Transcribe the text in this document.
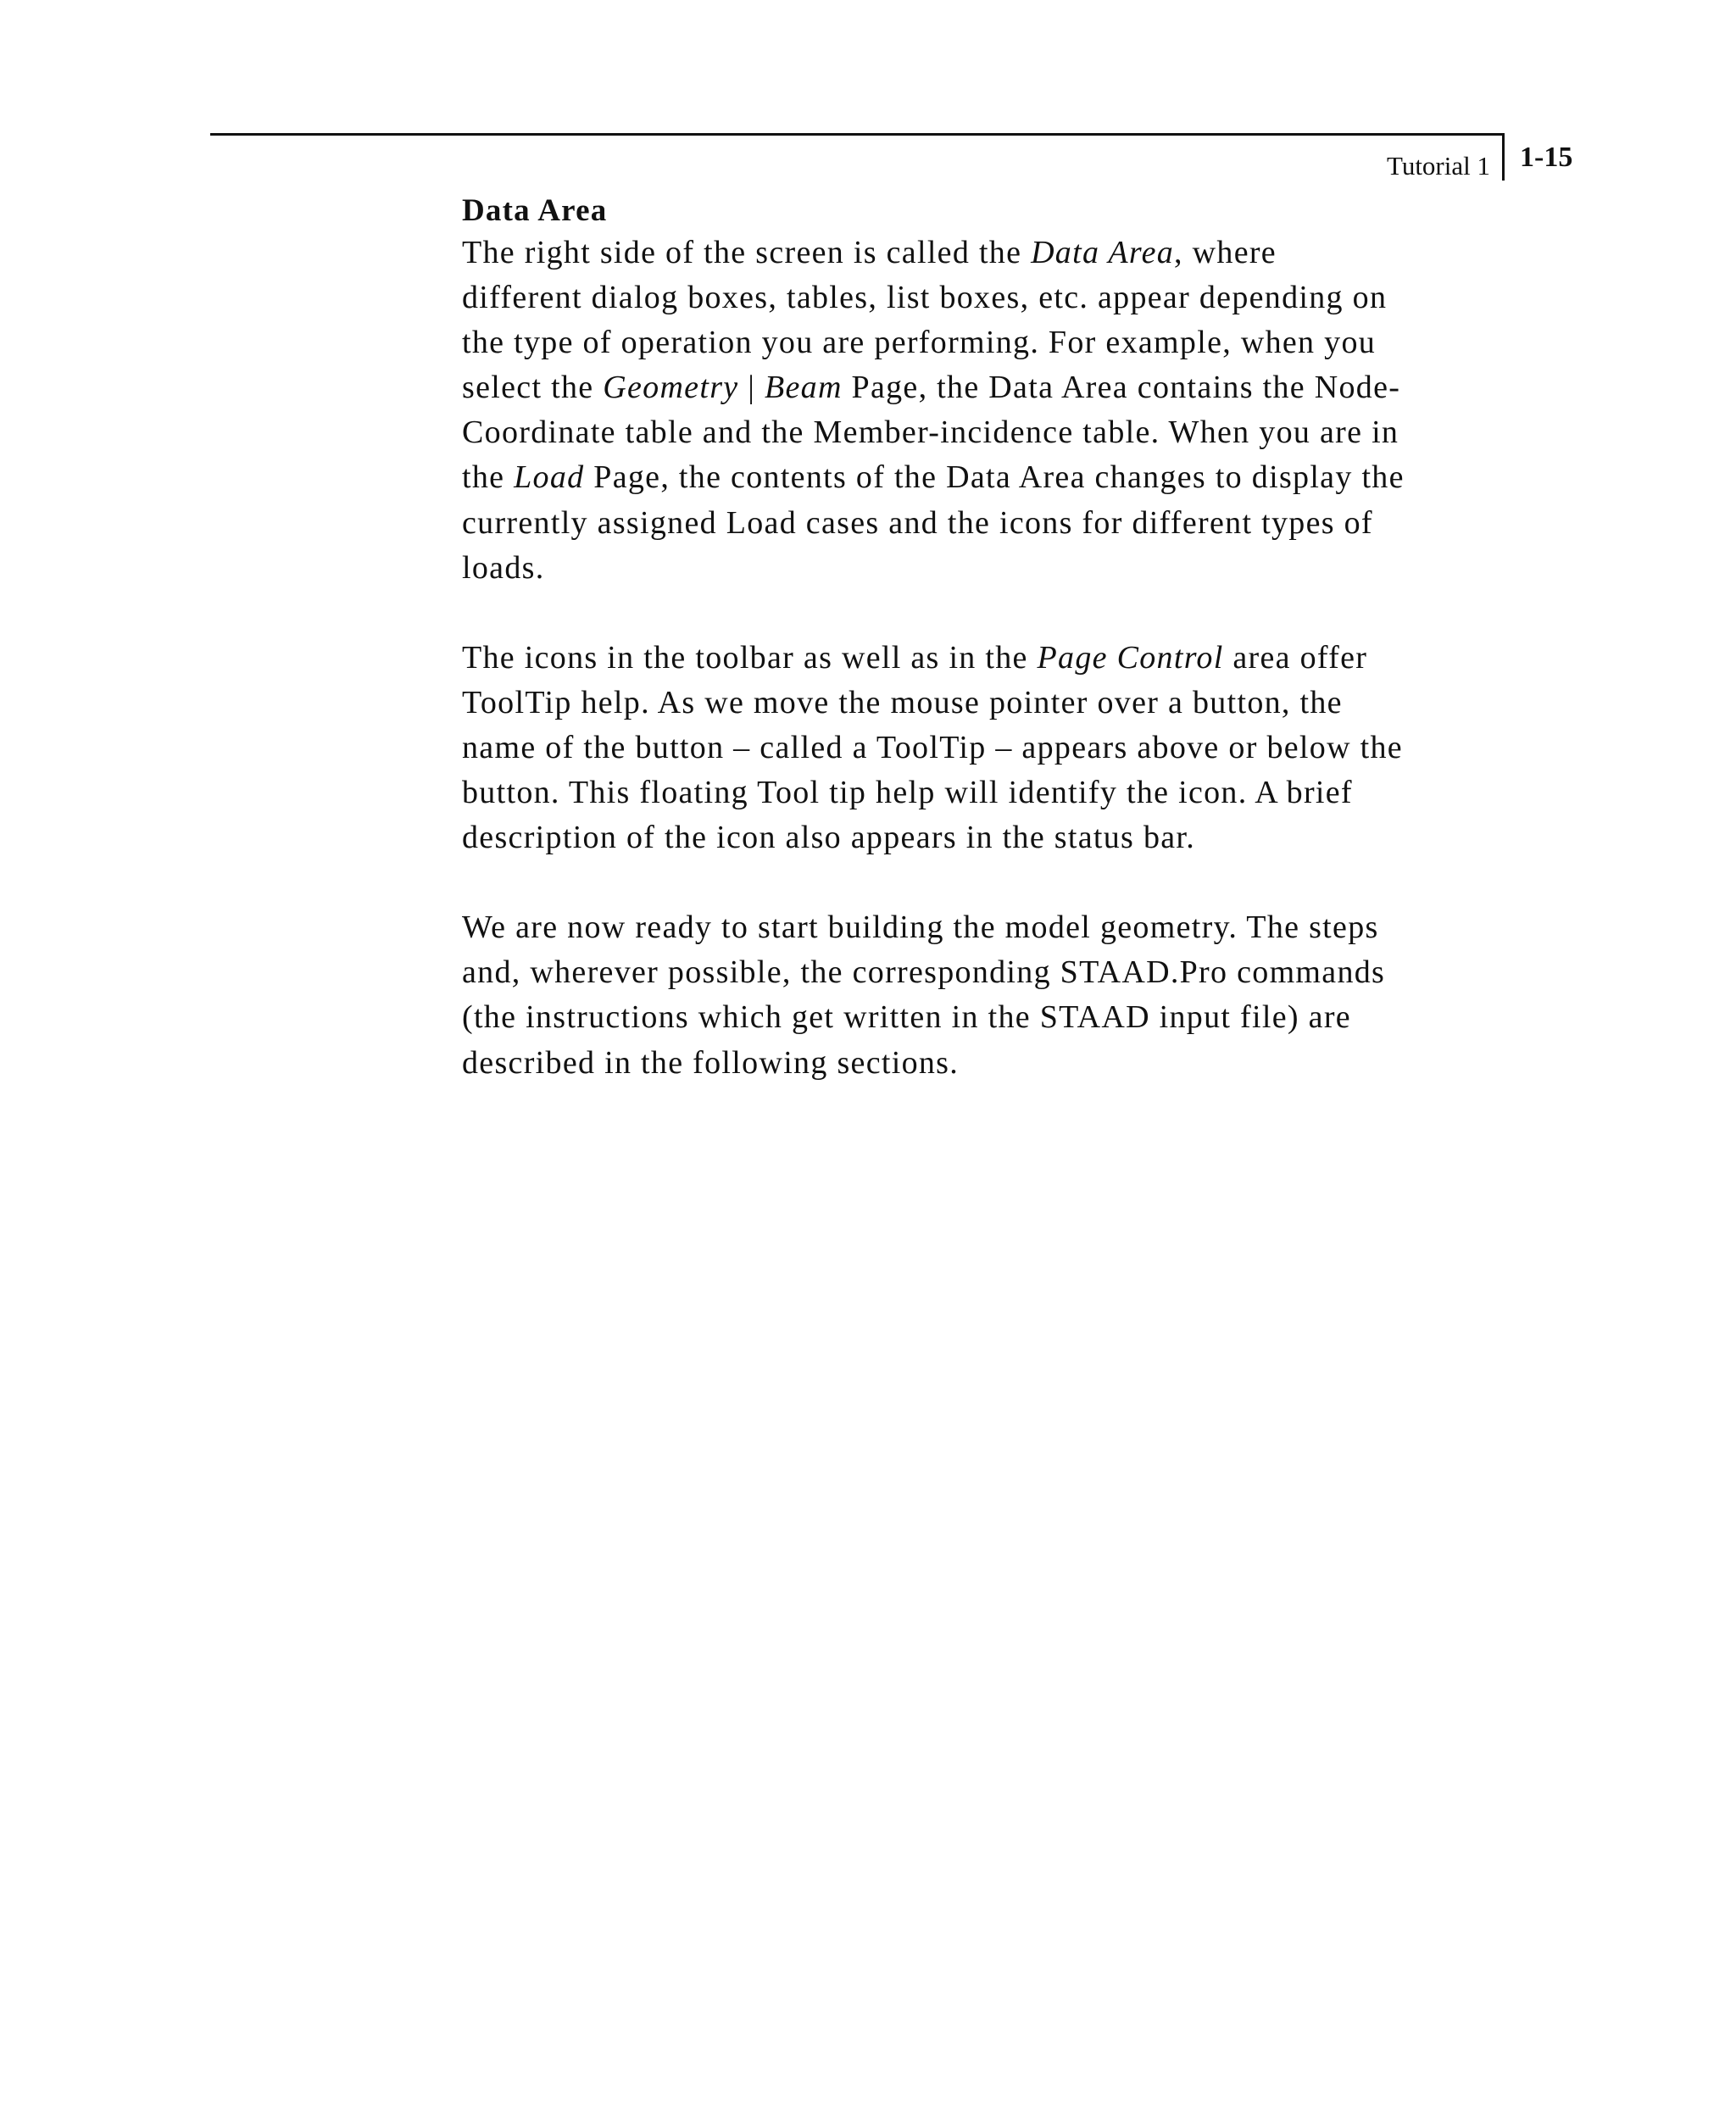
Tutorial 1 1-15
Data Area

The right side of the screen is called the Data Area, where
different dialog boxes, tables, list boxes, etc. appear depending on
the type of operation you are performing. For example, when you
select the Geometry | Beam Page, the Data Area contains the Node-
Coordinate table and the Member-incidence table. When you are in
the Load Page, the contents of the Data Area changes to display the
currently assigned Load cases and the icons for different types of
loads.

The icons in the toolbar as well as in the Page Control area offer
ToolTip help. As we move the mouse pointer over a button, the
name of the button – called a ToolTip – appears above or below the
button. This floating Tool tip help will identify the icon. A brief
description of the icon also appears in the status bar.

We are now ready to start building the model geometry. The steps
and, wherever possible, the corresponding STAAD.Pro commands
(the instructions which get written in the STAAD input file) are
described in the following sections.
